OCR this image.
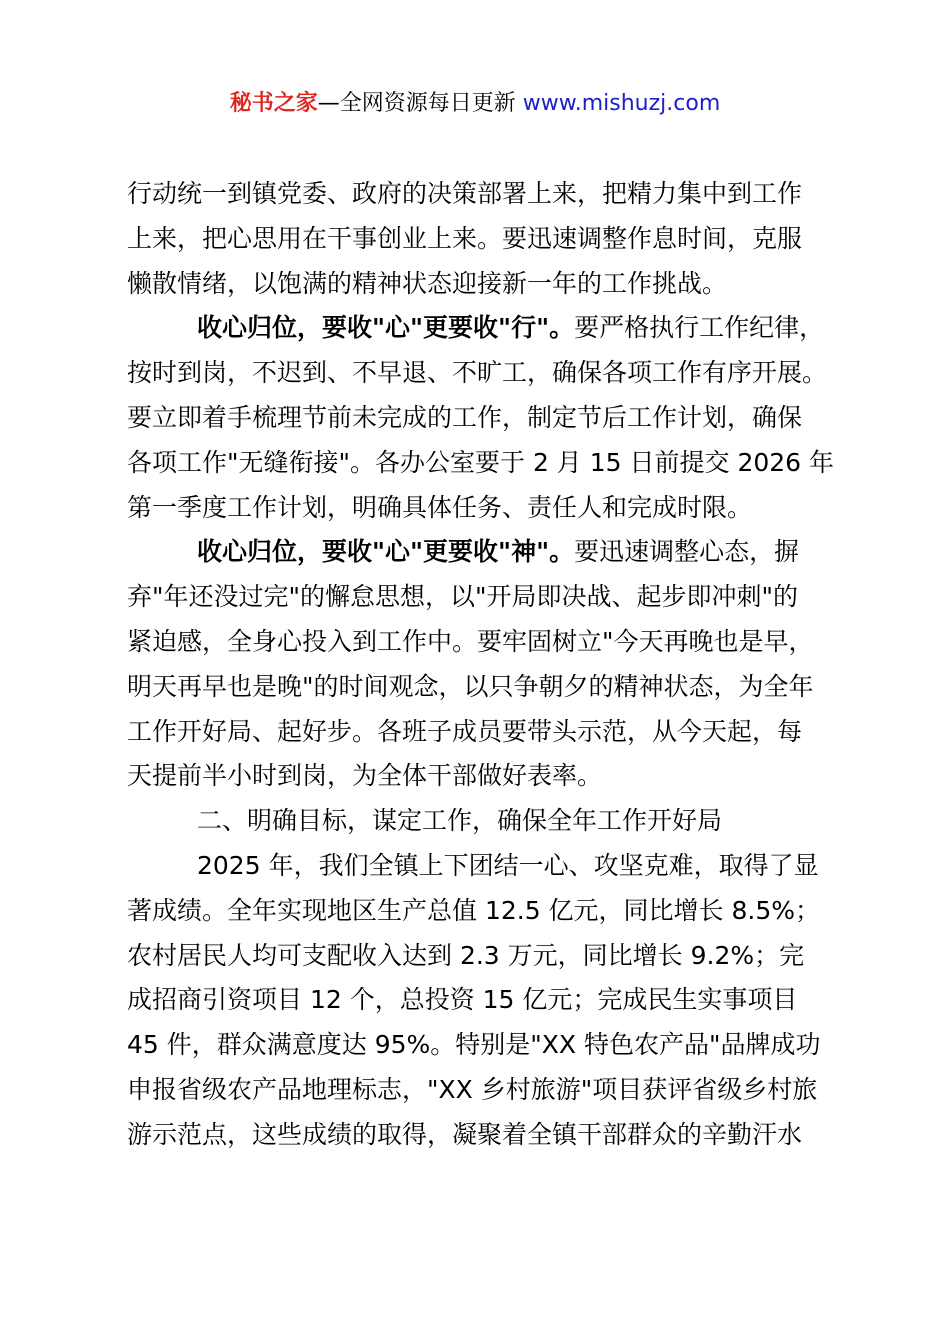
秘书之家—全网资源每日更新 www.mishuzj.com
行动统一到镇党委、政府的决策部署上来，把精力集中到工作
上来，把心思用在干事创业上来。要迅速调整作息时间，克服
懒散情绪，以饱满的精神状态迎接新一年的工作挑战。
收心归位，要收"心"更要收"行"。要严格执行工作纪律，
按时到岗，不迟到、不早退、不旷工，确保各项工作有序开展。
要立即着手梳理节前未完成的工作，制定节后工作计划，确保
各项工作"无缝衔接"。各办公室要于 2 月 15 日前提交 2026 年
第一季度工作计划，明确具体任务、责任人和完成时限。
收心归位，要收"心"更要收"神"。要迅速调整心态，摒
弃"年还没过完"的懈怠思想，以"开局即决战、起步即冲刺"的
紧迫感，全身心投入到工作中。要牢固树立"今天再晚也是早，
明天再早也是晚"的时间观念，以只争朝夕的精神状态，为全年
工作开好局、起好步。各班子成员要带头示范，从今天起，每
天提前半小时到岗，为全体干部做好表率。
二、明确目标，谋定工作，确保全年工作开好局
2025 年，我们全镇上下团结一心、攻坚克难，取得了显
著成绩。全年实现地区生产总值 12.5 亿元，同比增长 8.5%；
农村居民人均可支配收入达到 2.3 万元，同比增长 9.2%；完
成招商引资项目 12 个，总投资 15 亿元；完成民生实事项目
45 件，群众满意度达 95%。特别是"XX 特色农产品"品牌成功
申报省级农产品地理标志，"XX 乡村旅游"项目获评省级乡村旅
游示范点，这些成绩的取得，凝聚着全镇干部群众的辛勤汗水
